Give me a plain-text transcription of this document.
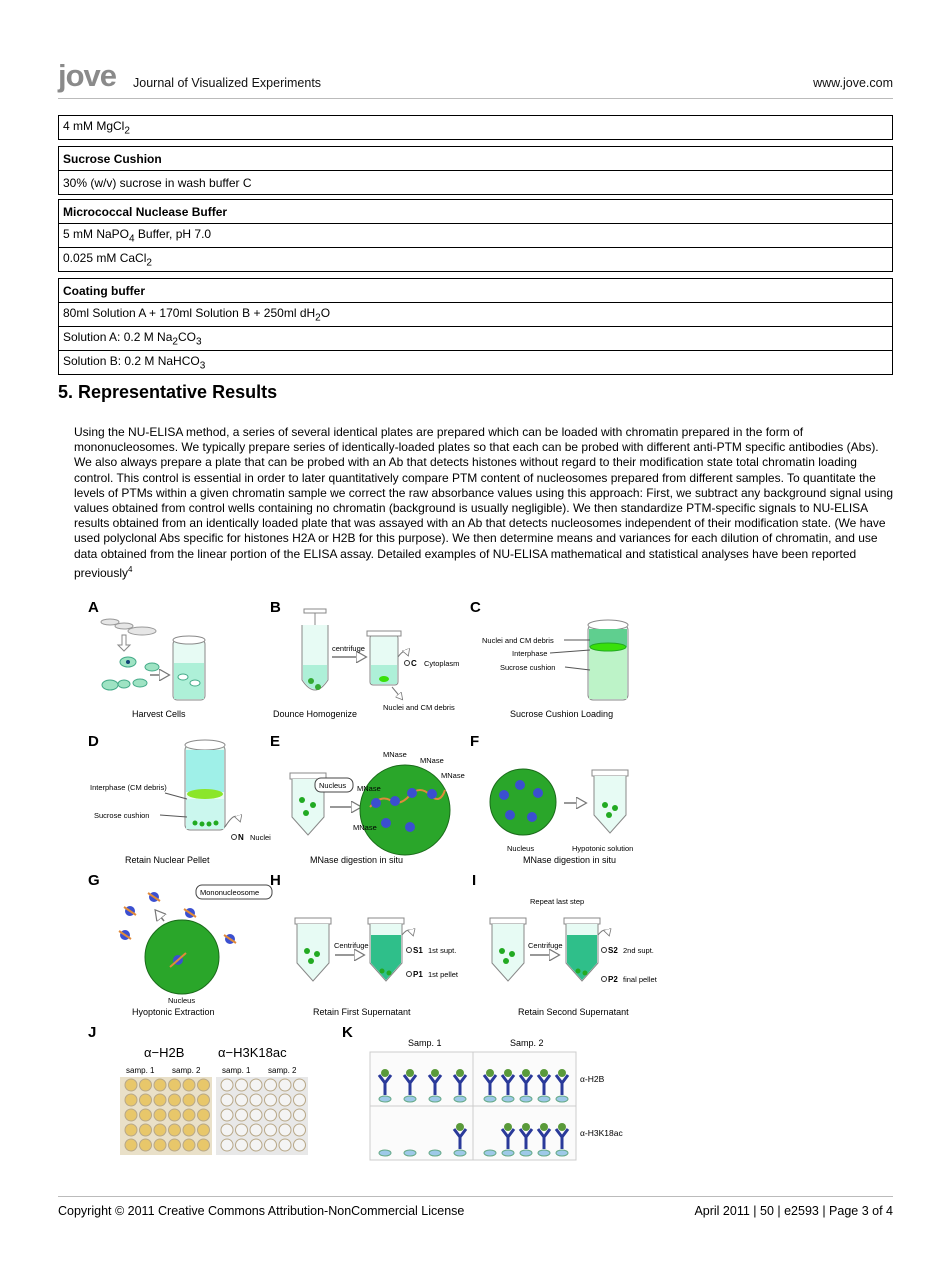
jove Journal of Visualized Experiments	www.jove.com
4 mM MgCl$_2$
Sucrose Cushion
30% (w/v) sucrose in wash buffer C
Micrococcal Nuclease Buffer
5 mM NaPO$_4$ Buffer, pH 7.0
0.025 mM CaCl$_2$
Coating buffer
80ml Solution A + 170ml Solution B + 250ml $dH_2O$
Solution A: 0.2 M $Na_2CO_3$
Solution B: 0.2 M NaHCO$_3$
5. Representative Results

Using the NU-ELISA method, a series of several identical plates are prepared which can be loaded with chromatin prepared in the form of mononucleosomes. We typically prepare series of identically-loaded plates so that each can be probed with different anti-PTM specific antibodies (Abs). We also always prepare a plate that can be probed with an Ab that detects histones without regard to their modification state total chromatin loading control. This control is essential in order to later quantitatively compare PTM content of nucleosomes prepared from different samples. To quantitate the levels of PTMs within a given chromatin sample we correct the raw absorbance values using this approach: First, we subtract any background signal using values obtained from control wells containing no chromatin (background is usually negligible). We then standardize PTM-specific signals to NU-ELISA results obtained from an identically loaded plate that was assayed with an Ab that detects nucleosomes independent of their modification state. (We have used polyclonal Abs specific for histones H2A or H2B for this purpose). We then determine means and variances for each dilution of chromatin, and use data obtained from the linear portion of the ELISA assay. Detailed examples of NU-ELISA mathematical and statistical analyses have been reported previously$^4$

A
Harvest Cells
B
centrifuge
C Cytoplasm
Nuclei and CM debris
Dounce Homogenize
C
Nuclei and CM debris
Interphase
Sucrose cushion
Sucrose Cushion Loading
D
Interphase (CM debris)
Sucrose cushion
N Nuclei
Retain Nuclear Pellet
E
Nucleus
MNase
MNase
MNase
MNase
MNase
MNase digestion in situ
F
Nucleus	Hypotonic solution
MNase digestion in situ
G
Mononucleosome
Nucleus
Hyoptonic Extraction
H
Centrifuge
S1 1st supt.
P1 1st pellet
Retain First Supernatant
I
Repeat last step
Centrifuge
S2 2nd supt.
P2 final pellet
Retain Second Supernatant
J
α−H2B	α−H3K18ac
samp. 1 samp. 2	samp. 1 samp. 2
K
Samp. 1	Samp. 2
α-H2B
α-H3K18ac
Copyright © 2011 Creative Commons Attribution-NonCommercial License	April 2011 | 50 | e2593 | Page 3 of 4
